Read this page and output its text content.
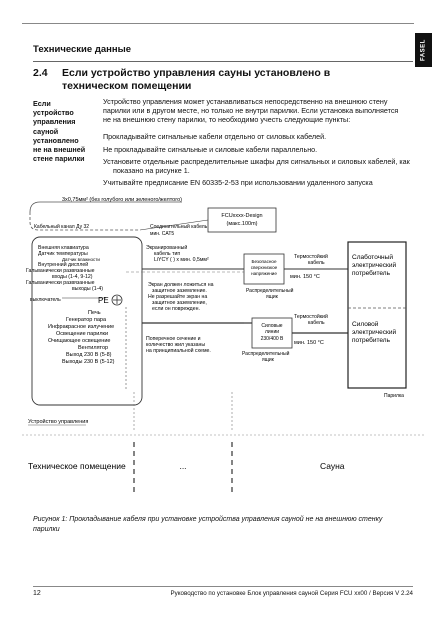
Технические данные	FASEL
2.4 Если устройство управления сауны установлено в техническом помещении
Если устройство управления сауной установлено не на внешней стене парилки
Устройство управления может устанавливаться непосредственно на внешнюю стену парилки или в другом месте, но только не внутри парилки. Если установка выполняется не на внешнюю стену парилки, то необходимо учесть следующие пункты:
Прокладывайте сигнальные кабели отдельно от силовых кабелей.
Не прокладывайте сигнальные и силовые кабели параллельно.
Установите отдельные распределительные шкафы для сигнальных и силовых кабелей, как показано на рисунке 1.
Учитывайте предписание EN 60335-2-53 при использовании удаленного запуска
3x0,75мм² (без голубого или зеленого/желтого)
Кабельный канал Ду 32
FCUxxxx-Design
(макс.100m)
Соединительный кабель
мин. CAT5
Внешняя клавиатура
Датчик температуры
Датчик влажности
Внутренний дисплей
Гальванически развязанные
входы (1-4, 9-12)
Гальванически развязанные
выходы (1-4)
выключатель	PE
Печь
Генератор пара
Инфракрасное излучение
Освещение парилки
Очищающее освещение
Вентилятор
Выход 230 В (5-8)
Выходы 230 В (5-12)
Устройство управления
Экранированный
кабель тип
LiYCY ( ) x мин. 0,5мм²
Экран должен ложиться на
защитное заземление.
Не разрешайте экран на
защитное заземление,
если он поврежден.
Поперечное сечение и
количество жил указаны
на принципиальной схеме.
Безопасное
сверхнизкое
напряжение
Распределительный
ящик
Термостойкий
кабель
мин. 150 °C
Силовые
линии
230/400 В
Распределительный
ящик
Термостойкий
кабель
мин. 150 °C
Слаботочный
электрический
потребитель
Силовой
электрический
потребитель
Парилка
Техническое помещение	...	Сауна
Рисунок 1: Прокладывание кабеля при установке устройства управления сауной не на внешнюю стенку парилки
12	Руководство по установке Блок управления сауной Серия FCU xx00 / Версия V 2.24
